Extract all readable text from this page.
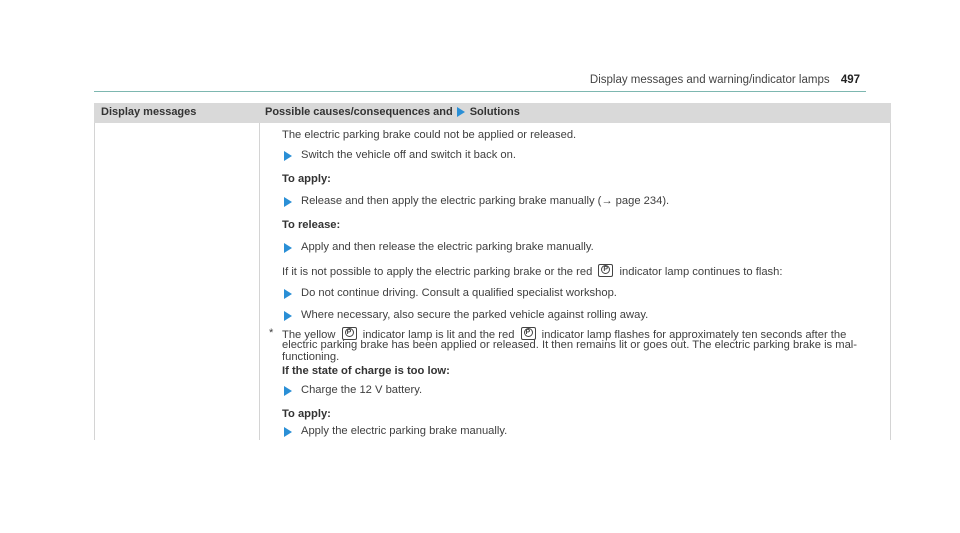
Display messages and warning/indicator lamps 497
Display messages	Possible causes/consequences and Solutions
The electric parking brake could not be applied or released.
Switch the vehicle off and switch it back on.
To apply:
Release and then apply the electric parking brake manually (→ page 234).
To release:
Apply and then release the electric parking brake manually.
If it is not possible to apply the electric parking brake or the red P indicator lamp continues to flash:
Do not continue driving. Consult a qualified specialist workshop.
Where necessary, also secure the parked vehicle against rolling away.
* The yellow P indicator lamp is lit and the red P indicator lamp flashes for approximately ten seconds after the
electric parking brake has been applied or released. It then remains lit or goes out. The electric parking brake is mal-
functioning.
If the state of charge is too low:
Charge the 12 V battery.
To apply:
Apply the electric parking brake manually.
